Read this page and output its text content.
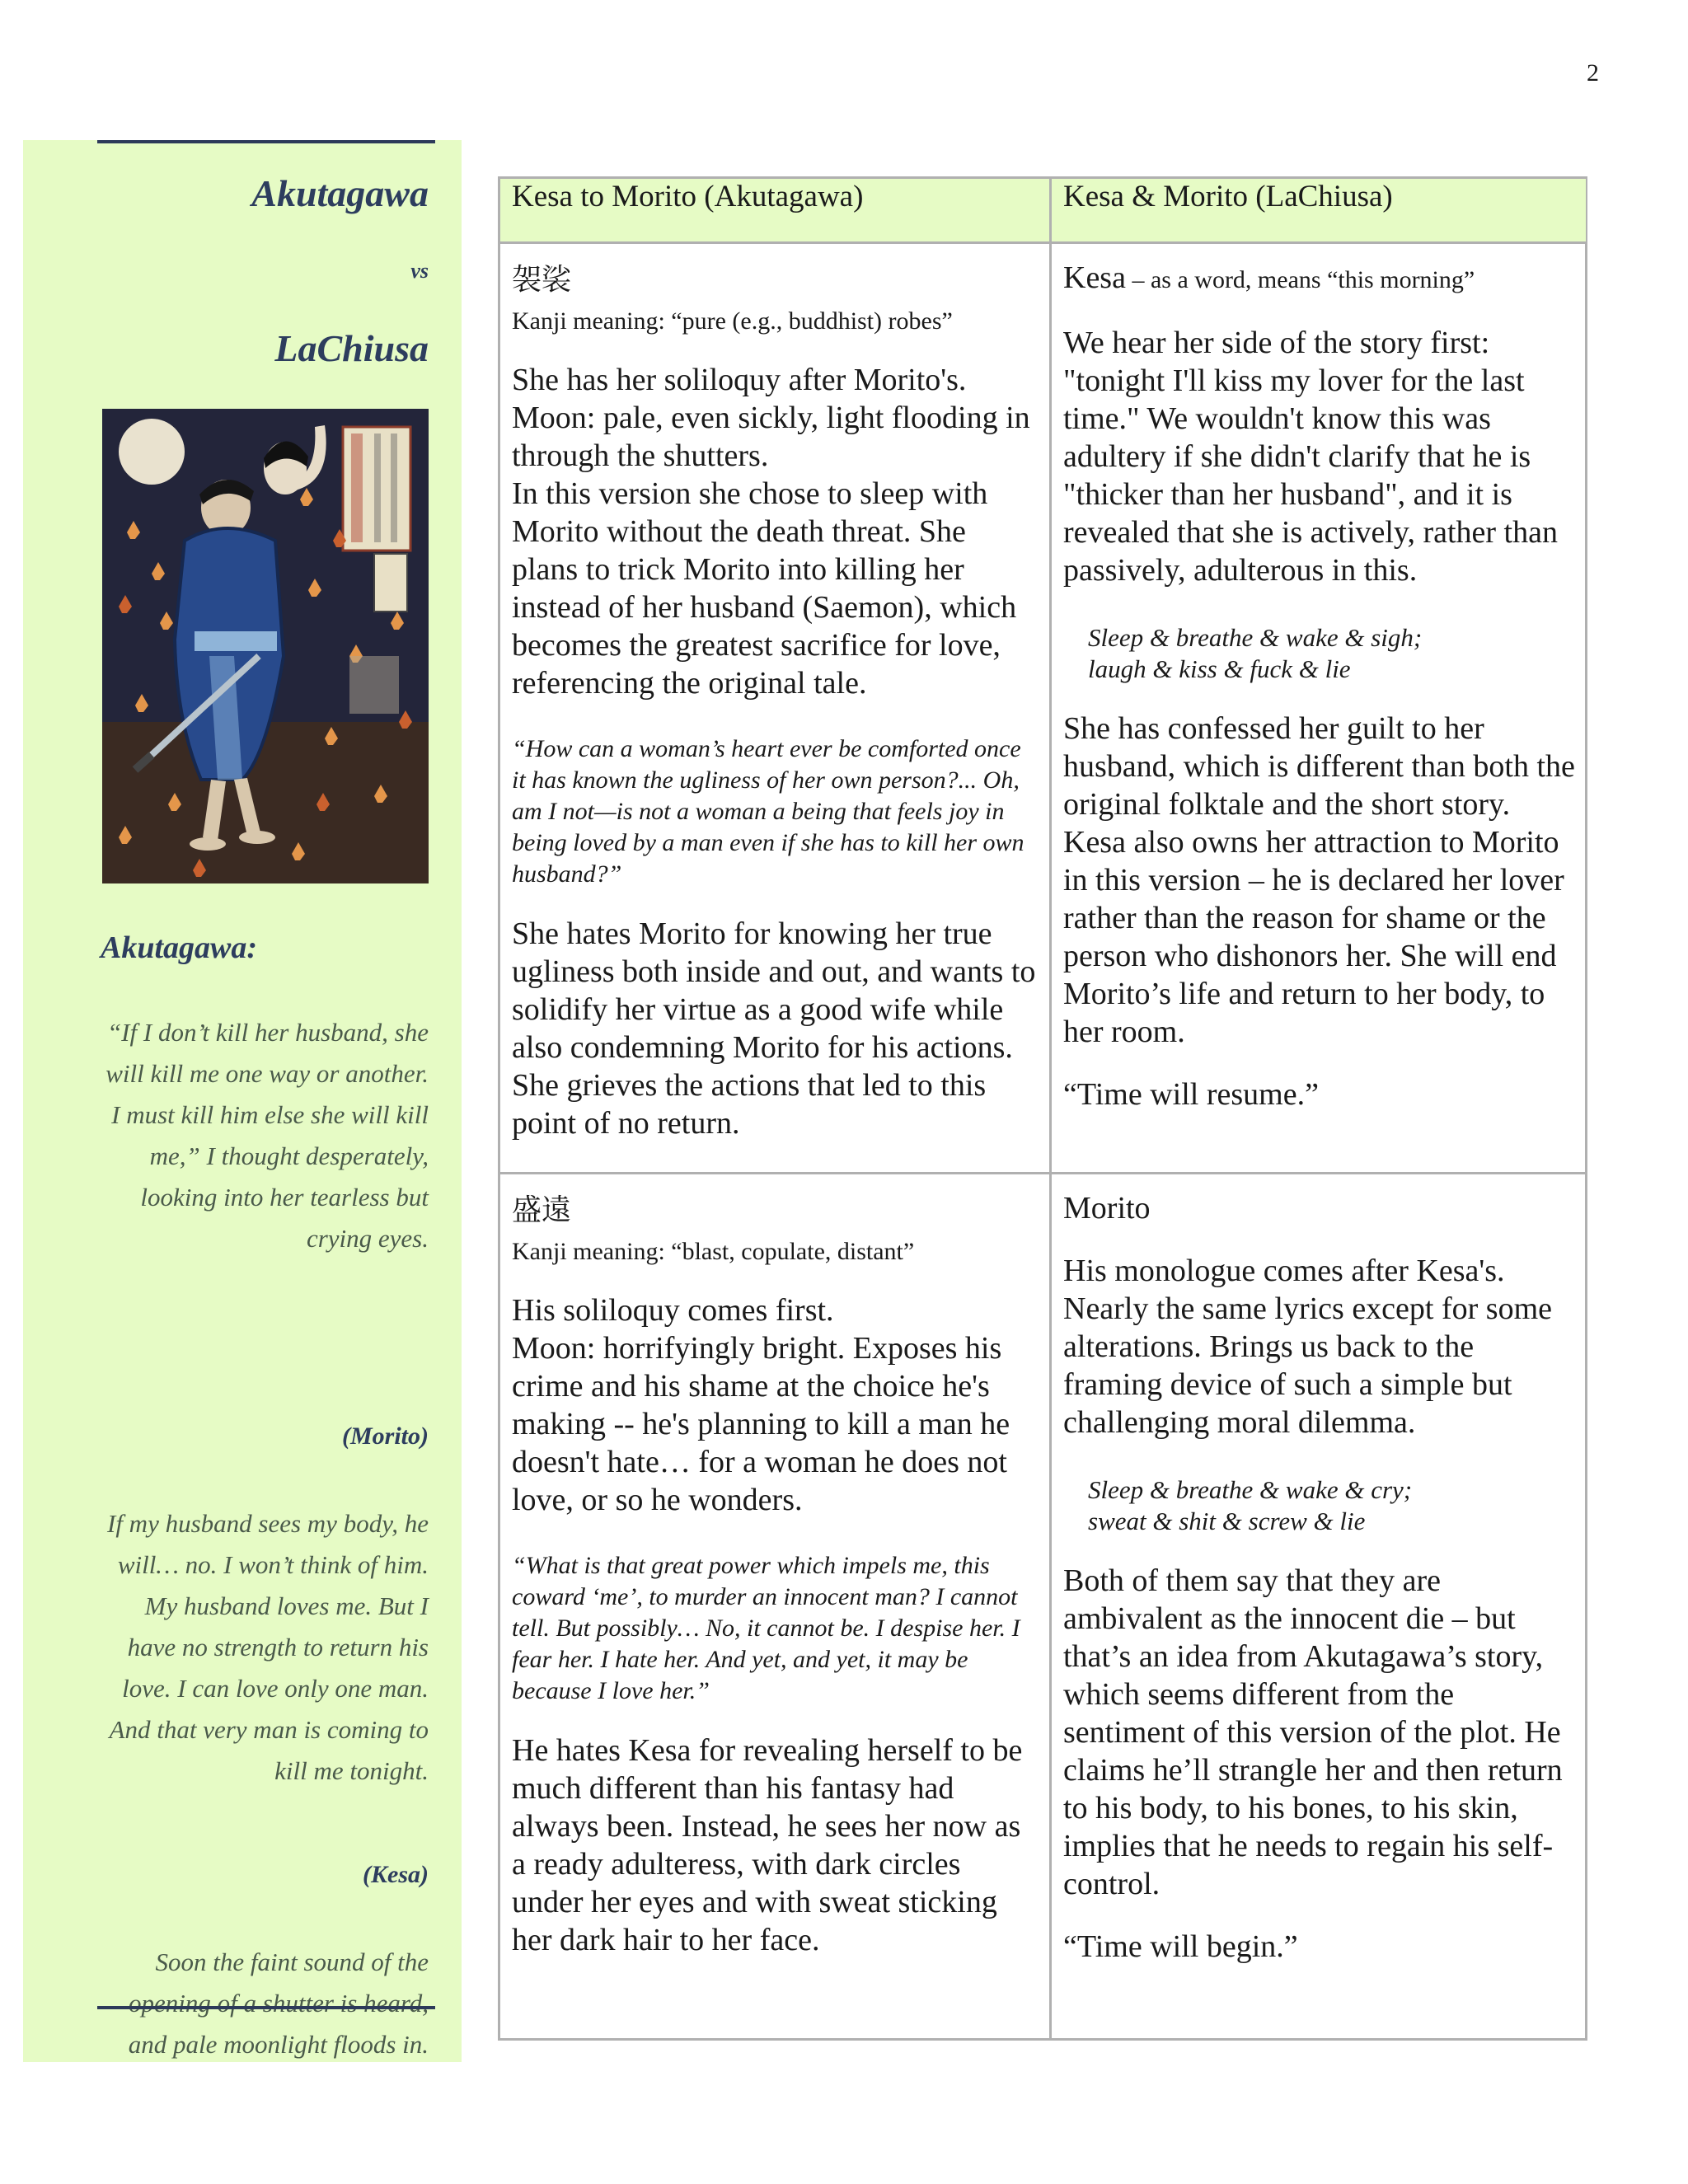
2
Akutagawa
vs
LaChiusa
Akutagawa:
“If I don’t kill her husband, she will kill me one way or another. I must kill him else she will kill me,” I thought desperately, looking into her tearless but crying eyes.
(Morito)
If my husband sees my body, he will… no. I won’t think of him. My husband loves me. But I have no strength to return his love. I can love only one man. And that very man is coming to kill me tonight.
(Kesa)
Soon the faint sound of the opening of a shutter is heard, and pale moonlight floods in.
Kesa to Morito (Akutagawa)	Kesa & Morito (LaChiusa)
袈裟
Kanji meaning: “pure (e.g., buddhist) robes”
She has her soliloquy after Morito's.
Moon: pale, even sickly, light flooding in through the shutters.
In this version she chose to sleep with Morito without the death threat. She plans to trick Morito into killing her instead of her husband (Saemon), which becomes the greatest sacrifice for love, referencing the original tale.
“How can a woman’s heart ever be comforted once it has known the ugliness of her own person?... Oh, am I not—is not a woman a being that feels joy in being loved by a man even if she has to kill her own husband?”
She hates Morito for knowing her true ugliness both inside and out, and wants to solidify her virtue as a good wife while also condemning Morito for his actions. She grieves the actions that led to this point of no return.
Kesa – as a word, means “this morning”
We hear her side of the story first: "tonight I'll kiss my lover for the last time." We wouldn't know this was adultery if she didn't clarify that he is "thicker than her husband", and it is revealed that she is actively, rather than passively, adulterous in this.
Sleep & breathe & wake & sigh;
laugh & kiss & fuck & lie
She has confessed her guilt to her husband, which is different than both the original folktale and the short story. Kesa also owns her attraction to Morito in this version – he is declared her lover rather than the reason for shame or the person who dishonors her. She will end Morito’s life and return to her body, to her room.
“Time will resume.”
盛遠
Kanji meaning: “blast, copulate, distant”
His soliloquy comes first.
Moon: horrifyingly bright. Exposes his crime and his shame at the choice he's making -- he's planning to kill a man he doesn't hate… for a woman he does not love, or so he wonders.
“What is that great power which impels me, this coward ‘me’, to murder an innocent man? I cannot tell. But possibly… No, it cannot be. I despise her. I fear her. I hate her. And yet, and yet, it may be because I love her.”
He hates Kesa for revealing herself to be much different than his fantasy had always been. Instead, he sees her now as a ready adulteress, with dark circles under her eyes and with sweat sticking her dark hair to her face.
Morito
His monologue comes after Kesa's. Nearly the same lyrics except for some alterations. Brings us back to the framing device of such a simple but challenging moral dilemma.
Sleep & breathe & wake & cry;
sweat & shit & screw & lie
Both of them say that they are ambivalent as the innocent die – but that’s an idea from Akutagawa’s story, which seems different from the sentiment of this version of the plot. He claims he’ll strangle her and then return to his body, to his bones, to his skin, implies that he needs to regain his self-control.
“Time will begin.”
